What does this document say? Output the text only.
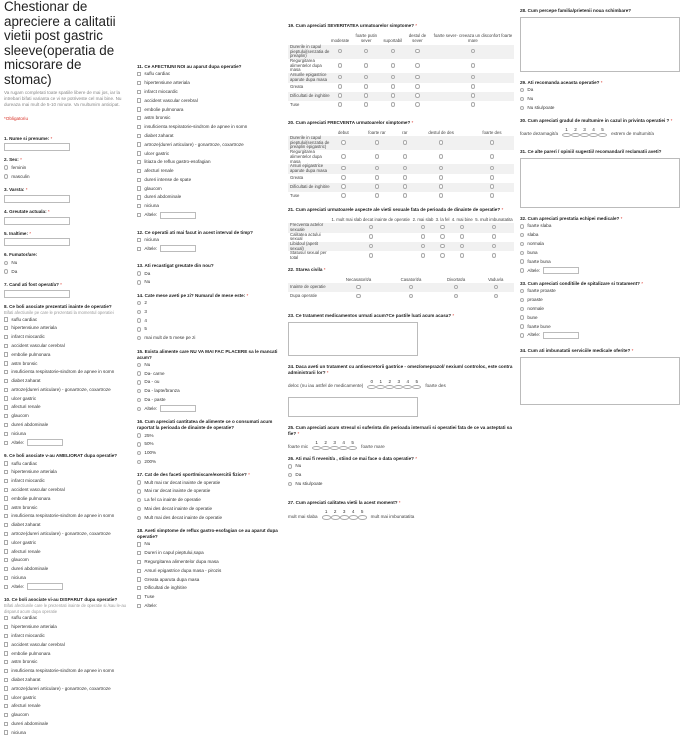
Chestionar de apreciere a calitatii vietii post gastric sleeve(operatia de micsorare de stomac)
Va rugam completati toate spatiile libere de mai jos, iar la intrebari bifati varianta ce vi se potriveste cel mai bine. Nu dureaza mai mult de 5-10 minute. Va multumim anticipat.
*Obligatoriu
1. Nume si prenume: *
2. Sex: *
feminin
masculin
3. Varsta: *
4. Greutate actuala: *
5. Inaltime: *
6. Fumator/are:
Nu
Da
7. Cand ati fost operat/a? *
8. Ce boli asociate prezentati inainte de operatie?
Bifati afectiunile pe care le prezentati la momentul operatiei
suflu cardiac
hipertensiune arteriala
infarct miocardic
accident vascular cerebral
embolie pulmonara
astm bronsic
insuficienta respiratorie-sindrom de apnee in somn
diabet zaharat
artroze(dureri articulare) - gonartroze, coxartroze
ulcer gastric
afecturi renale
glaucom
dureri abdominale
niciuna
Altele:
9. Ce boli asociate v-au AMELIORAT dupa operatie?
suflu cardiac
hipertensiune arteriala
infarct miocardic
accident vascular cerebral
embolie pulmonara
astm bronsic
insuficienta respiratorie-sindrom de apnee in somn
diabet zaharat
artroze(dureri articulare) - gonartroze, coxartroze
ulcer gastric
afecturi renale
glaucom
dureri abdominale
niciuna
Altele:
10. Ce boli asociate vi-au DISPARUT dupa operatie?
Bifati afectiunile care le prezentati inainte de operatie si /sau le-au disparut acum dupa operatie
suflu cardiac
hipertensiune arteriala
infarct miocardic
accident vascular cerebral
embolie pulmonara
astm bronsic
insuficienta respiratorie-sindrom de apnee in somn
diabet zaharat
artroze(dureri articulare) - gonartroze, coxartroze
ulcer gastric
afecturi renale
glaucom
dureri abdominale
niciuna
11. Ce AFECTIUNI NOI au aparut dupa operatie?
suflu cardiac
hipertensiune arteriala
infarct miocardic
accident vascular cerebral
embolie pulmonara
astm bronsic
insuficienta respiratorie-sindrom de apnee in somn
diabet zaharat
artroze(dureri articulare) - gonartroze, coxartroze
ulcer gastric
litiaza de reflux gastro-esofagian
afecturi renale
dureri intense de spate
glaucom
dureri abdominale
niciuna
Altele:
12. Ce operatii ati mai facut in acest interval de timp?
niciuna
Altele:
13. Ati recastigat greutate din nou?
Da
Nu
14. Cate mese aveti pe zi? Numarul de mese este: *
2
3
4
5
mai mult de 5 mese pe zi
15. Exista alimente care NU VA MAI FAC PLACERE sa le mancati acum?
Nu
Da- carne
Da - ou
Da - lapte/branza
Da - paste
Altele:
16. Cum apreciati cantitatea de alimente ce o consumati acum raportat la perioada de dinainte de operatie?
25%
50%
100%
200%
17. Cat de des faceti sport/miscare/exercitii fizice? *
Mult mai rar decat inainte de operatie
Mai rar decat inainte de operatie
La fel ca inainte de operatie
Mai des decat inainte de operatie
Mult mai des decat inainte de operatie
18. Aveti simptome de reflux gastro-esofagian ce au aparut dupa operatie?
Nu
Dureri in capul pieptului,sapa
Regurgitarea alimentelor dupa masa
Arsuri epigastrice dupa masa - pirozis
Greata aparuta dupa masa
Dificultati de inghitire
Tuse
Altele:
19. Cum apreciati SEVERITATEA urmatoarelor simptome? *
	moderate	foarte putin sever	suportabil	destul de sever	foarte sever- creeaza un disconfort foarte mare
Durerile in capul pieptului(senzatia de preaplin)					
Regurgitarea alimentelor dupa masa					
Arsurile epigastrice aparute dupa masa					
Greata					
Dificultati de inghitire					
Tuse					
20. Cum apreciati FRECVENTA urmatoarelor simptome? *
	debut	foarte rar	rar	destul de des	foarte des
Durerile in capul pieptului(senzatia de preaplin epigastric)					
Regurgitarea alimentelor dupa masa					
Arsuri epigastrice aparute dupa masa					
Greata					
Dificultati de inghitire					
Tuse					
21. Cum apreciati urmatoarele aspecte ale vietii sexuale fata de perioada de dinainte de operatie? *
	1. mult mai slab decat inainte de operatie	2. mai slab	3. la fel	4. mai bine	5. mult imbunatatita
Frecventa actelor sexuale					
Calitatea actului sexual					
Libidoul (apetit sexual)					
Statusul sexual per total					
22. Starea civila *
	Necasatorit/a	Casatorit/a	Divortat/a	Vaduv/a
Inainte de operatie				
Dupa operatie				
23. Ce tratament medicamentos urmati acum?Ce pastile luati acum acasa? *
24. Daca aveti un tratament cu antisecretorii gastrice - omez/omeprazol/ nexium/ controloc, este contra administrarii lor? *
deloc (nu iau astfel de medicamente)
0	1	2	3	4	5
foarte des
25. Cum apreciati acum stresul si suferinta din perioada internarii si operatiei fata de ce va asteptati sa fie? *
foarte mic
1	2	3	4	5
foarte mare
26. Ati mai fi revenit/a , stiind ce mai face o data operatie? *
Nu
Da
Nu stiu/poate
27. Cum apreciati calitatea vietii la acest moment? *
mult mai slaba
1	2	3	4	5
mult mai imbunatatita
28. Cum percepe familia/prietenii noua schimbare?
29. Ati recomanda aceasta operatie? *
Da
Nu
Nu stiu/poate
30. Cum apreciati gradul de multumire in cazul in privinta operatiei ? *
foarte dezamagit/a
1	2	3	4	5
extrem de multumit/a
31. Ce alte pareri / opinii/ sugestii/ recomandari/ reclamatii aveti?
32. Cum apreciati prestatia echipei medicale? *
foarte slaba
slaba
normala
buna
foarte buna
Altele:
33. Cum apreciati conditiile de spitalizare si tratament? *
foarte proaste
proaste
normale
bune
foarte bune
Altele:
34. Cum ati imbunatatii serviciile medicale oferite? *
